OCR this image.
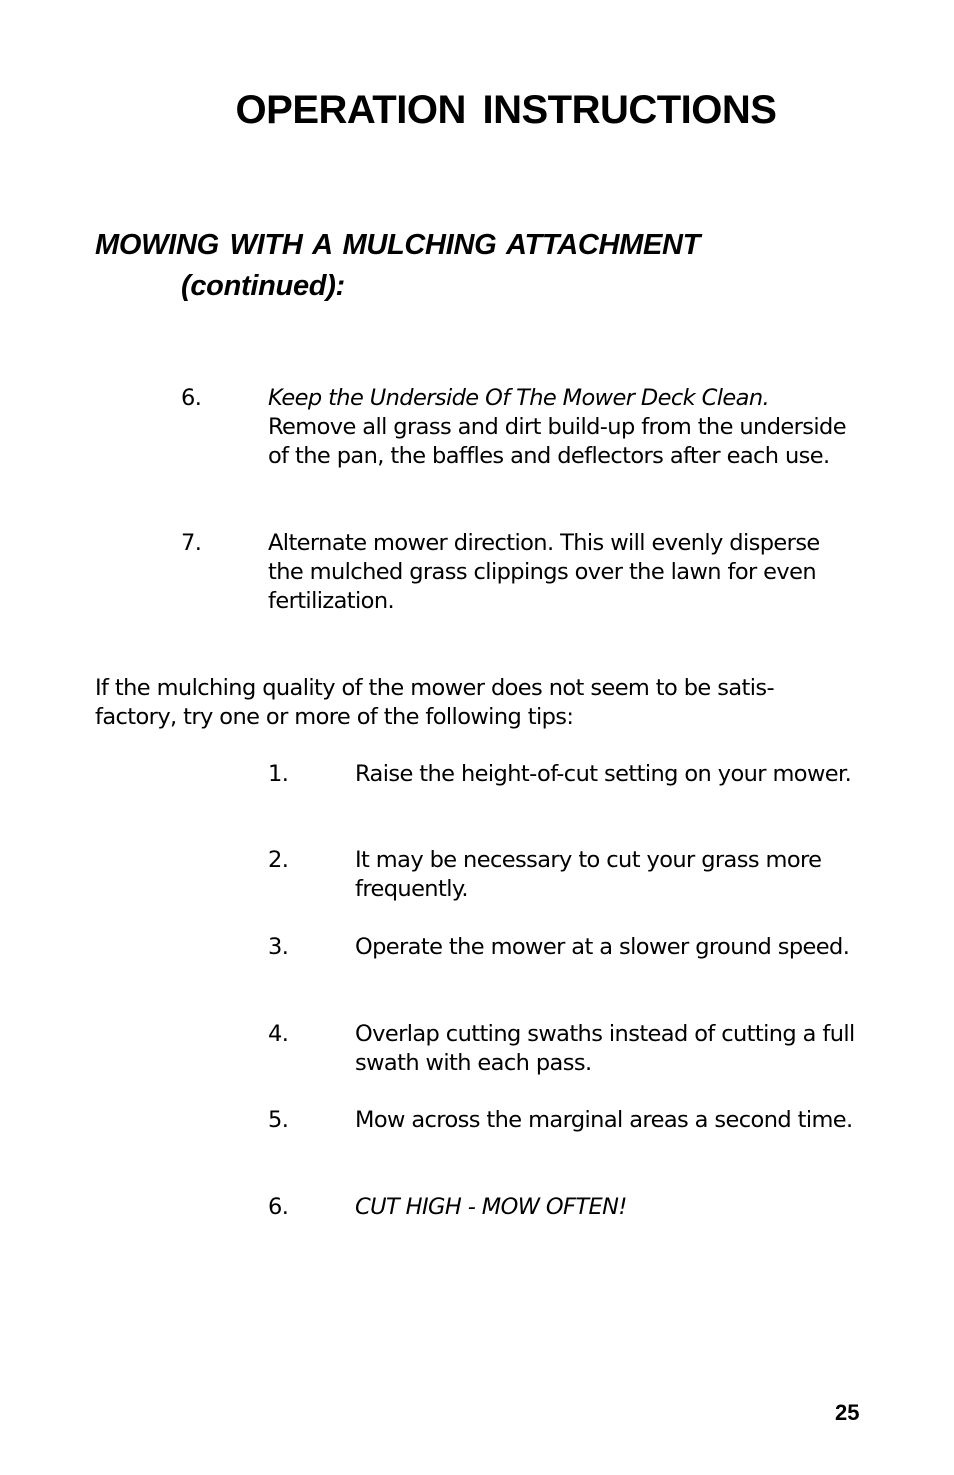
OPERATION INSTRUCTIONS
MOWING WITH A MULCHING ATTACHMENT
(continued):
6.	Keep the Underside Of The Mower Deck Clean.
Remove all grass and dirt build-up from the underside of the pan, the baffles and deflectors after each use.
7.	Alternate mower direction. This will evenly disperse the mulched grass clippings over the lawn for even fertilization.
If the mulching quality of the mower does not seem to be satis-factory, try one or more of the following tips:
1.	Raise the height-of-cut setting on your mower.
2.	It may be necessary to cut your grass more frequently.
3.	Operate the mower at a slower ground speed.
4.	Overlap cutting swaths instead of cutting a full swath with each pass.
5.	Mow across the marginal areas a second time.
6.	CUT HIGH - MOW OFTEN!
25
